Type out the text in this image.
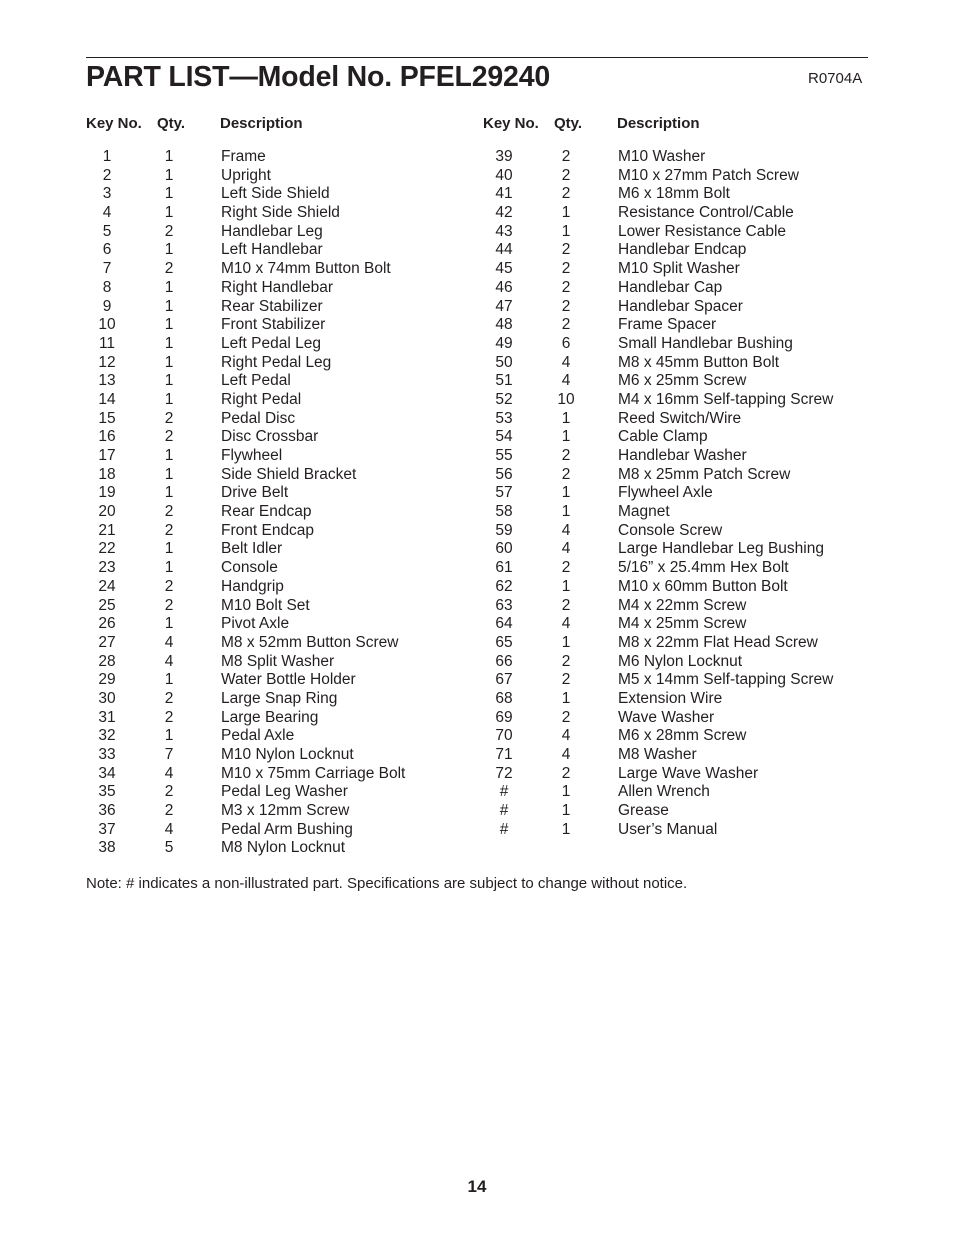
PART LIST—Model No. PFEL29240	R0704A
Key No. Qty. Description	Key No. Qty. Description
1	1	Frame
2	1	Upright
3	1	Left Side Shield
4	1	Right Side Shield
5	2	Handlebar Leg
6	1	Left Handlebar
7	2	M10 x 74mm Button Bolt
8	1	Right Handlebar
9	1	Rear Stabilizer
10	1	Front Stabilizer
11	1	Left Pedal Leg
12	1	Right Pedal Leg
13	1	Left Pedal
14	1	Right Pedal
15	2	Pedal Disc
16	2	Disc Crossbar
17	1	Flywheel
18	1	Side Shield Bracket
19	1	Drive Belt
20	2	Rear Endcap
21	2	Front Endcap
22	1	Belt Idler
23	1	Console
24	2	Handgrip
25	2	M10 Bolt Set
26	1	Pivot Axle
27	4	M8 x 52mm Button Screw
28	4	M8 Split Washer
29	1	Water Bottle Holder
30	2	Large Snap Ring
31	2	Large Bearing
32	1	Pedal Axle
33	7	M10 Nylon Locknut
34	4	M10 x 75mm Carriage Bolt
35	2	Pedal Leg Washer
36	2	M3 x 12mm Screw
37	4	Pedal Arm Bushing
38	5	M8 Nylon Locknut
39	2	M10 Washer
40	2	M10 x 27mm Patch Screw
41	2	M6 x 18mm Bolt
42	1	Resistance Control/Cable
43	1	Lower Resistance Cable
44	2	Handlebar Endcap
45	2	M10 Split Washer
46	2	Handlebar Cap
47	2	Handlebar Spacer
48	2	Frame Spacer
49	6	Small Handlebar Bushing
50	4	M8 x 45mm Button Bolt
51	4	M6 x 25mm Screw
52	10	M4 x 16mm Self-tapping Screw
53	1	Reed Switch/Wire
54	1	Cable Clamp
55	2	Handlebar Washer
56	2	M8 x 25mm Patch Screw
57	1	Flywheel Axle
58	1	Magnet
59	4	Console Screw
60	4	Large Handlebar Leg Bushing
61	2	5/16” x 25.4mm Hex Bolt
62	1	M10 x 60mm Button Bolt
63	2	M4 x 22mm Screw
64	4	M4 x 25mm Screw
65	1	M8 x 22mm Flat Head Screw
66	2	M6 Nylon Locknut
67	2	M5 x 14mm Self-tapping Screw
68	1	Extension Wire
69	2	Wave Washer
70	4	M6 x 28mm Screw
71	4	M8 Washer
72	2	Large Wave Washer
#	1	Allen Wrench
#	1	Grease
#	1	User’s Manual
Note: # indicates a non-illustrated part. Specifications are subject to change without notice.
14
